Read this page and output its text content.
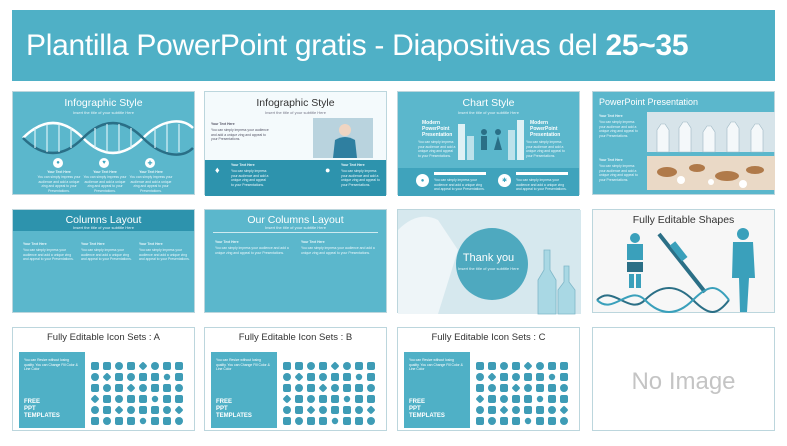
Plantilla PowerPoint gratis - Diapositivas del 25~35
Infographic Style
Insert the title of your subtitle Here
●	♥	✚
Your Text Here	Your Text Here	Your Text Here
You can simply impress your audience and add a unique zing and appeal to your Presentations.
You can simply impress your audience and add a unique zing and appeal to your Presentations.
You can simply impress your audience and add a unique zing and appeal to your Presentations.
Infographic Style
Insert the title of your subtitle Here
Your Text Here
You can simply impress your audience and add a unique zing and appeal to your Presentations.
Your Text Here
You can simply impress your audience and add a unique zing and appeal to your Presentations.
Your Text Here
You can simply impress your audience and add a unique zing and appeal to your Presentations.
♦	●
Chart Style
Insert the title of your subtitle Here
Modern PowerPoint Presentation
You can simply impress your audience and add a unique zing and appeal to your Presentations.
Modern PowerPoint Presentation
You can simply impress your audience and add a unique zing and appeal to your Presentations.
●	✱
You can simply impress your audience and add a unique zing and appeal to your Presentations.
You can simply impress your audience and add a unique zing and appeal to your Presentations.
PowerPoint Presentation
Your Text Here
You can simply impress your audience and add a unique zing and appeal to your Presentations.
Your Text Here
You can simply impress your audience and add a unique zing and appeal to your Presentations.
Columns Layout
Insert the title of your subtitle Here
Your Text Here
You can simply impress your audience and add a unique zing and appeal to your Presentations.
Your Text Here
You can simply impress your audience and add a unique zing and appeal to your Presentations.
Your Text Here
You can simply impress your audience and add a unique zing and appeal to your Presentations.
Our Columns Layout
Insert the title of your subtitle Here
Your Text Here
You can simply impress your audience and add a unique zing and appeal to your Presentations.
Your Text Here
You can simply impress your audience and add a unique zing and appeal to your Presentations.	Thank you
Insert the title of your subtitle Here
Fully Editable Shapes
Fully Editable Icon Sets : A
You can Resize without losing quality. You can Change Fill Color & Line Color
FREE
PPT
TEMPLATES
Fully Editable Icon Sets : B
You can Resize without losing quality. You can Change Fill Color & Line Color
FREE
PPT
TEMPLATES
Fully Editable Icon Sets : C
You can Resize without losing quality. You can Change Fill Color & Line Color
FREE
PPT
TEMPLATES
No Image
